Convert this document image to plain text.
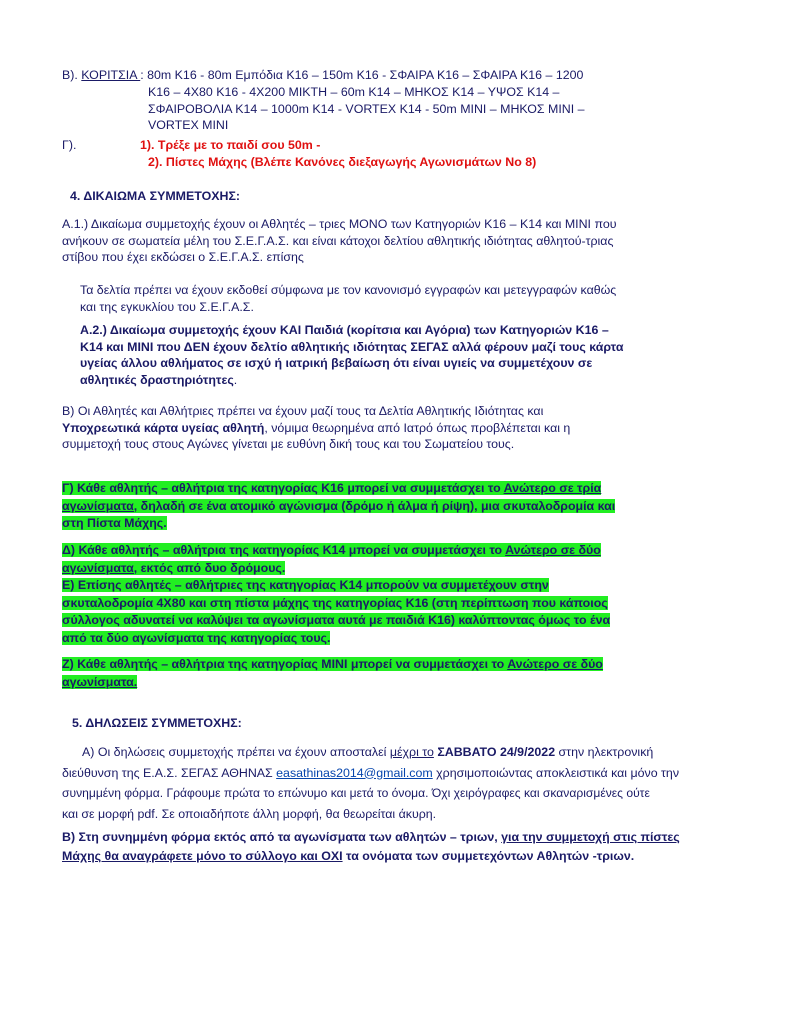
Β). ΚΟΡΙΤΣΙΑ : 80m K16 - 80m Εμπόδια K16 – 150m K16 - ΣΦΑΙΡΑ Κ16 – ΣΦΑΙΡΑ Κ16 – 1200
K16 – 4X80 K16 - 4X200 ΜΙΚΤΗ – 60m K14 – ΜΗΚΟΣ Κ14 – ΥΨΟΣ Κ14 –
ΣΦΑΙΡΟΒΟΛΙΑ K14 – 1000m K14 - VORTEX K14 - 50m MINI – ΜΗΚΟΣ ΜΙΝΙ –
VORTEX MINI
Γ).	1). Τρέξε με το παιδί σου 50m -
2). Πίστες Μάχης (Βλέπε Κανόνες διεξαγωγής Αγωνισμάτων Νο 8)
4. ΔΙΚΑΙΩΜΑ ΣΥΜΜΕΤΟΧΗΣ:
Α.1.) Δικαίωμα συμμετοχής έχουν οι Αθλητές – τριες ΜΟΝΟ των Κατηγοριών Κ16 – Κ14 και ΜΙΝΙ που
ανήκουν σε σωματεία μέλη του Σ.Ε.Γ.Α.Σ. και είναι κάτοχοι δελτίου αθλητικής ιδιότητας αθλητού-τριας
στίβου που έχει εκδώσει ο Σ.Ε.Γ.Α.Σ. επίσης
Τα δελτία πρέπει να έχουν εκδοθεί σύμφωνα με τον κανονισμό εγγραφών και μετεγγραφών καθώς
και της εγκυκλίου του Σ.Ε.Γ.Α.Σ.
Α.2.) Δικαίωμα συμμετοχής έχουν ΚΑΙ Παιδιά (κορίτσια και Αγόρια) των Κατηγοριών Κ16 –
Κ14 και ΜΙΝΙ που ΔΕΝ έχουν δελτίο αθλητικής ιδιότητας ΣΕΓΑΣ αλλά φέρουν μαζί τους κάρτα
υγείας άλλου αθλήματος σε ισχύ ή ιατρική βεβαίωση ότι είναι υγιείς να συμμετέχουν σε
αθλητικές δραστηριότητες.
Β) Οι Αθλητές και Αθλήτριες πρέπει να έχουν μαζί τους τα Δελτία Αθλητικής Ιδιότητας και
Υποχρεωτικά κάρτα υγείας αθλητή, νόμιμα θεωρημένα από Ιατρό όπως προβλέπεται και η
συμμετοχή τους στους Αγώνες γίνεται με ευθύνη δική τους και του Σωματείου τους.
Γ) Κάθε αθλητής – αθλήτρια της κατηγορίας Κ16 μπορεί να συμμετάσχει το Ανώτερο σε τρία
αγωνίσματα, δηλαδή σε ένα ατομικό αγώνισμα (δρόμο ή άλμα ή ρίψη), μια σκυταλοδρομία και
στη Πίστα Μάχης.
Δ) Κάθε αθλητής – αθλήτρια της κατηγορίας Κ14 μπορεί να συμμετάσχει το Ανώτερο σε δύο
αγωνίσματα, εκτός από δυο δρόμους.
Ε) Επίσης αθλητές – αθλήτριες της κατηγορίας Κ14 μπορούν να συμμετέχουν στην
σκυταλοδρομία 4Χ80 και στη πίστα μάχης της κατηγορίας Κ16 (στη περίπτωση που κάποιος
σύλλογος αδυνατεί να καλύψει τα αγωνίσματα αυτά με παιδιά Κ16) καλύπτοντας όμως το ένα
από τα δύο αγωνίσματα της κατηγορίας τους.
Ζ) Κάθε αθλητής – αθλήτρια της κατηγορίας ΜΙΝΙ μπορεί να συμμετάσχει το Ανώτερο σε δύο
αγωνίσματα.
5. ΔΗΛΩΣΕΙΣ ΣΥΜΜΕΤΟΧΗΣ:
Α) Οι δηλώσεις συμμετοχής πρέπει να έχουν αποσταλεί μέχρι το ΣΑΒΒΑΤΟ 24/9/2022 στην ηλεκτρονική
διεύθυνση της Ε.Α.Σ. ΣΕΓΑΣ ΑΘΗΝΑΣ easathinas2014@gmail.com χρησιμοποιώντας αποκλειστικά και μόνο την
συνημμένη φόρμα. Γράφουμε πρώτα το επώνυμο και μετά το όνομα. Όχι χειρόγραφες και σκαναρισμένες ούτε
και σε μορφή pdf. Σε οποιαδήποτε άλλη μορφή, θα θεωρείται άκυρη.
Β) Στη συνημμένη φόρμα εκτός από τα αγωνίσματα των αθλητών – τριων, για την συμμετοχή στις πίστες
Μάχης θα αναγράφετε μόνο το σύλλογο και ΟΧΙ τα ονόματα των συμμετεχόντων Αθλητών -τριων.
